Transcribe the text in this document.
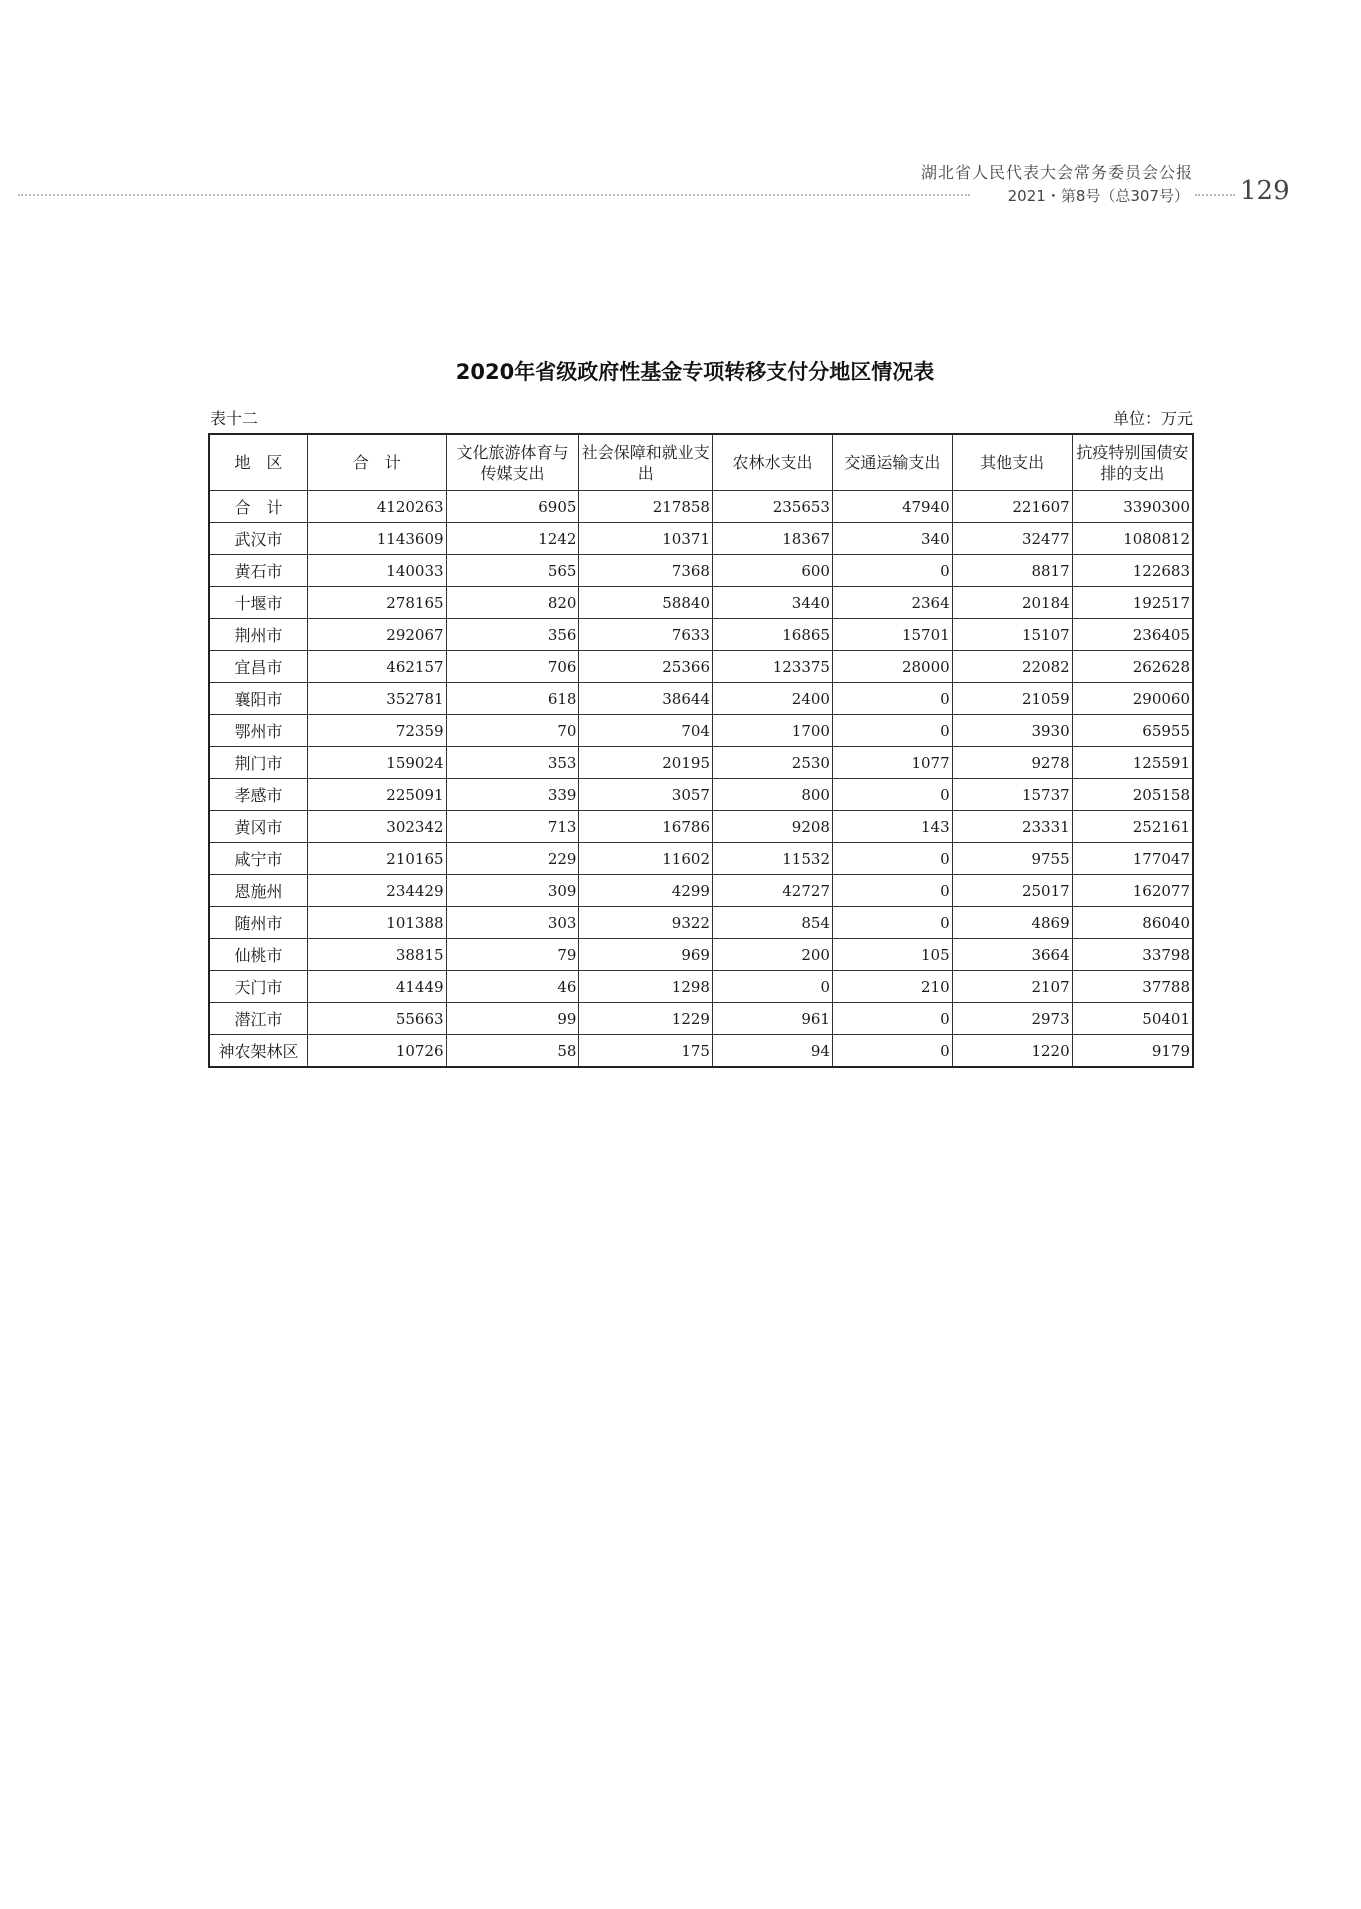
湖北省人民代表大会常务委员会公报
2021・第8号（总307号） 129
2020年省级政府性基金专项转移支付分地区情况表
表十二	单位：万元
地　区	合　计	文化旅游体育与传媒支出	社会保障和就业支出	农林水支出	交通运输支出	其他支出	抗疫特别国债安排的支出
合　计	4120263	6905	217858	235653	47940	221607	3390300
武汉市	1143609	1242	10371	18367	340	32477	1080812
黄石市	140033	565	7368	600	0	8817	122683
十堰市	278165	820	58840	3440	2364	20184	192517
荆州市	292067	356	7633	16865	15701	15107	236405
宜昌市	462157	706	25366	123375	28000	22082	262628
襄阳市	352781	618	38644	2400	0	21059	290060
鄂州市	72359	70	704	1700	0	3930	65955
荆门市	159024	353	20195	2530	1077	9278	125591
孝感市	225091	339	3057	800	0	15737	205158
黄冈市	302342	713	16786	9208	143	23331	252161
咸宁市	210165	229	11602	11532	0	9755	177047
恩施州	234429	309	4299	42727	0	25017	162077
随州市	101388	303	9322	854	0	4869	86040
仙桃市	38815	79	969	200	105	3664	33798
天门市	41449	46	1298	0	210	2107	37788
潜江市	55663	99	1229	961	0	2973	50401
神农架林区	10726	58	175	94	0	1220	9179
